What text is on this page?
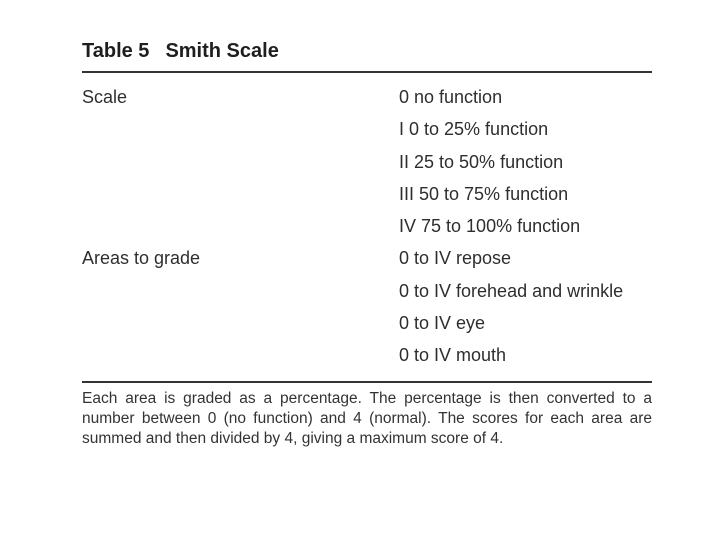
Table 5 Smith Scale
Scale	0 no function
I 0 to 25% function
II 25 to 50% function
III 50 to 75% function
IV 75 to 100% function
Areas to grade	0 to IV repose
0 to IV forehead and wrinkle
0 to IV eye
0 to IV mouth
Each area is graded as a percentage. The percentage is then converted to a number between 0 (no function) and 4 (normal). The scores for each area are summed and then divided by 4, giving a maximum score of 4.
